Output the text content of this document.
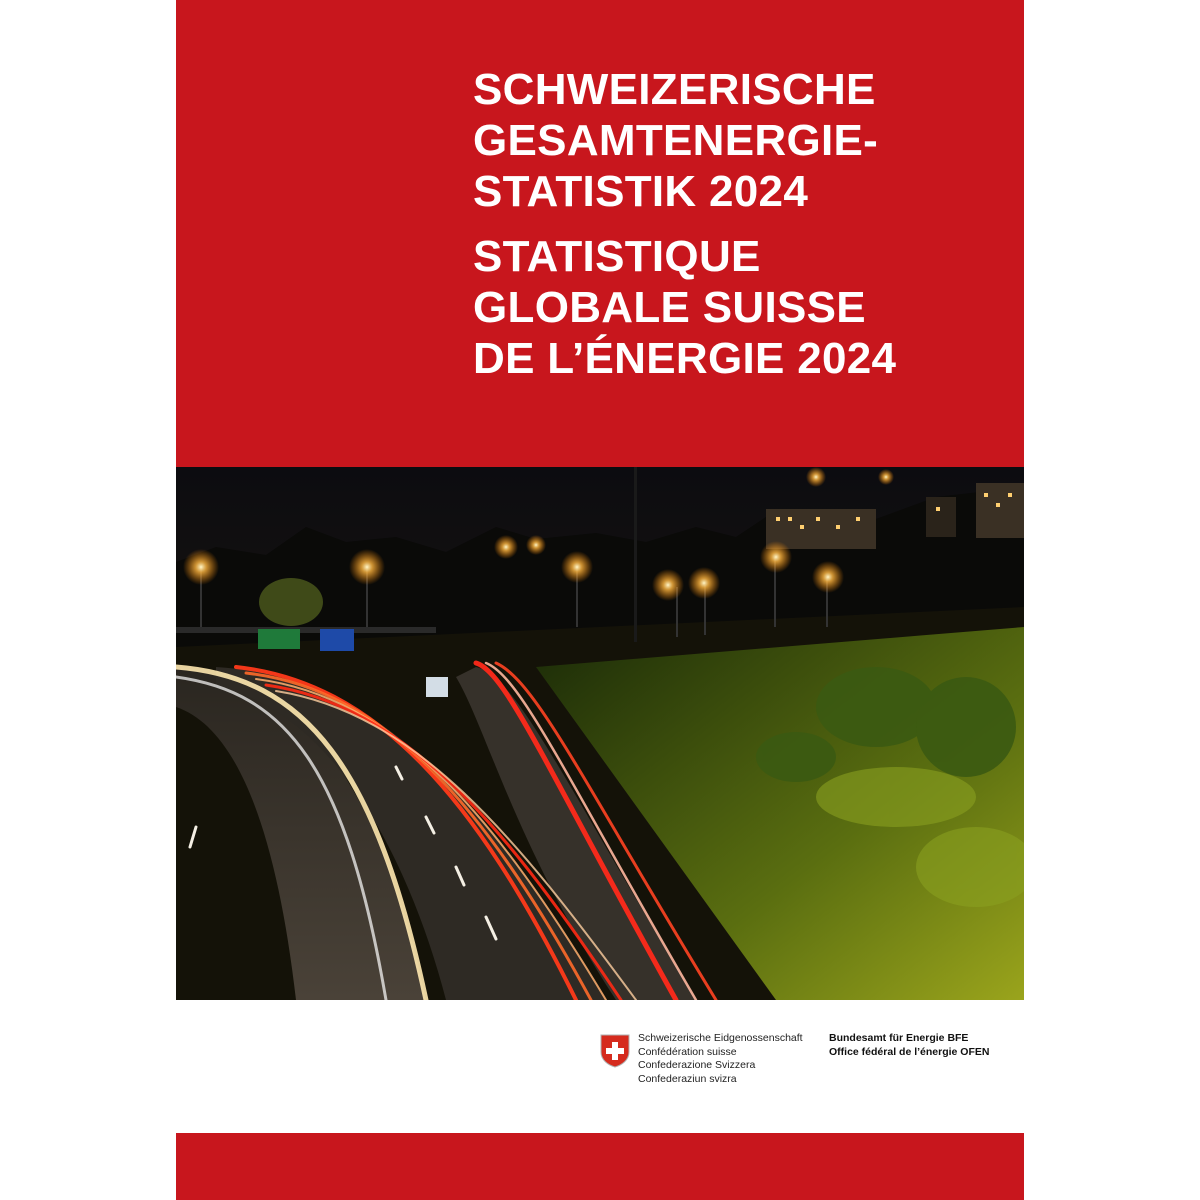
SCHWEIZERISCHE
GESAMTENERGIE-
STATISTIK 2024
STATISTIQUE
GLOBALE SUISSE
DE L’ÉNERGIE 2024
Schweizerische Eidgenossenschaft
Confédération suisse
Confederazione Svizzera
Confederaziun svizra
Bundesamt für Energie BFE
Office fédéral de l’énergie OFEN
